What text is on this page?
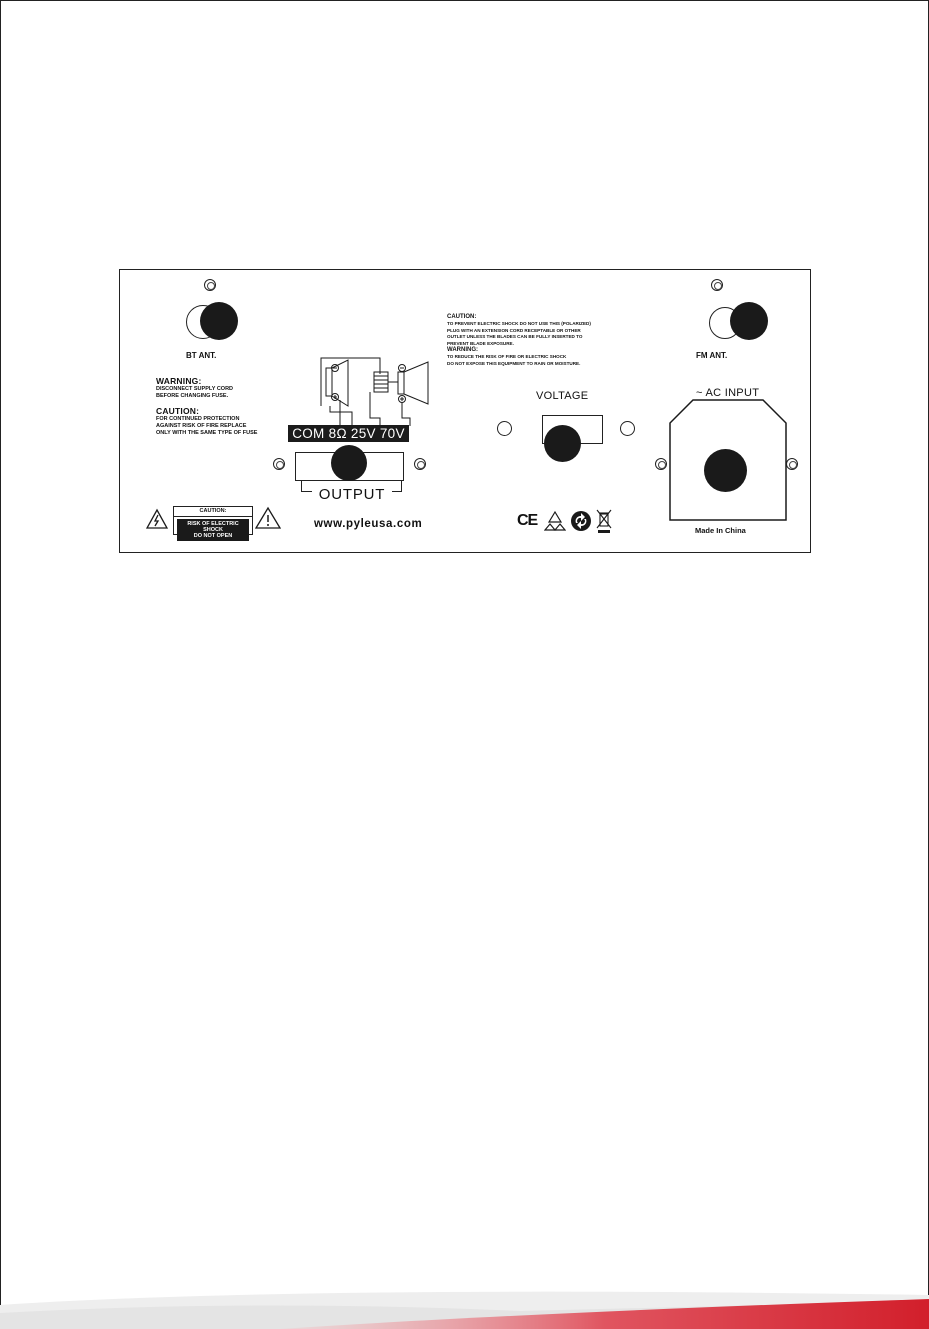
BT ANT.
WARNING:
DISCONNECT SUPPLY CORD
BEFORE CHANGING FUSE.
CAUTION:
FOR CONTINUED PROTECTION
AGAINST RISK OF FIRE REPLACE
ONLY WITH THE SAME TYPE OF FUSE	COM 8Ω 25V 70V
OUTPUT
CAUTION:
RISK OF ELECTRIC SHOCK
DO NOT OPEN
www.pyleusa.com
CAUTION:
TO PREVENT ELECTRIC SHOCK DO NOT USE THIS (POLARIZED)
PLUG WITH AN EXTENSION CORD RECEPTABLE OR OTHER
OUTLET UNLESS THE BLADES CAN BE FULLY INSERTED TO
PREVENT BLADE EXPOSURE.
WARNING:
TO REDUCE THE RISK OF FIRE OR ELECTRIC SHOCK
DO NOT EXPOSE THIS EQUIPMENT TO RAIN OR MOISTURE.
VOLTAGE
CE
FM ANT.
~ AC INPUT
Made In China
